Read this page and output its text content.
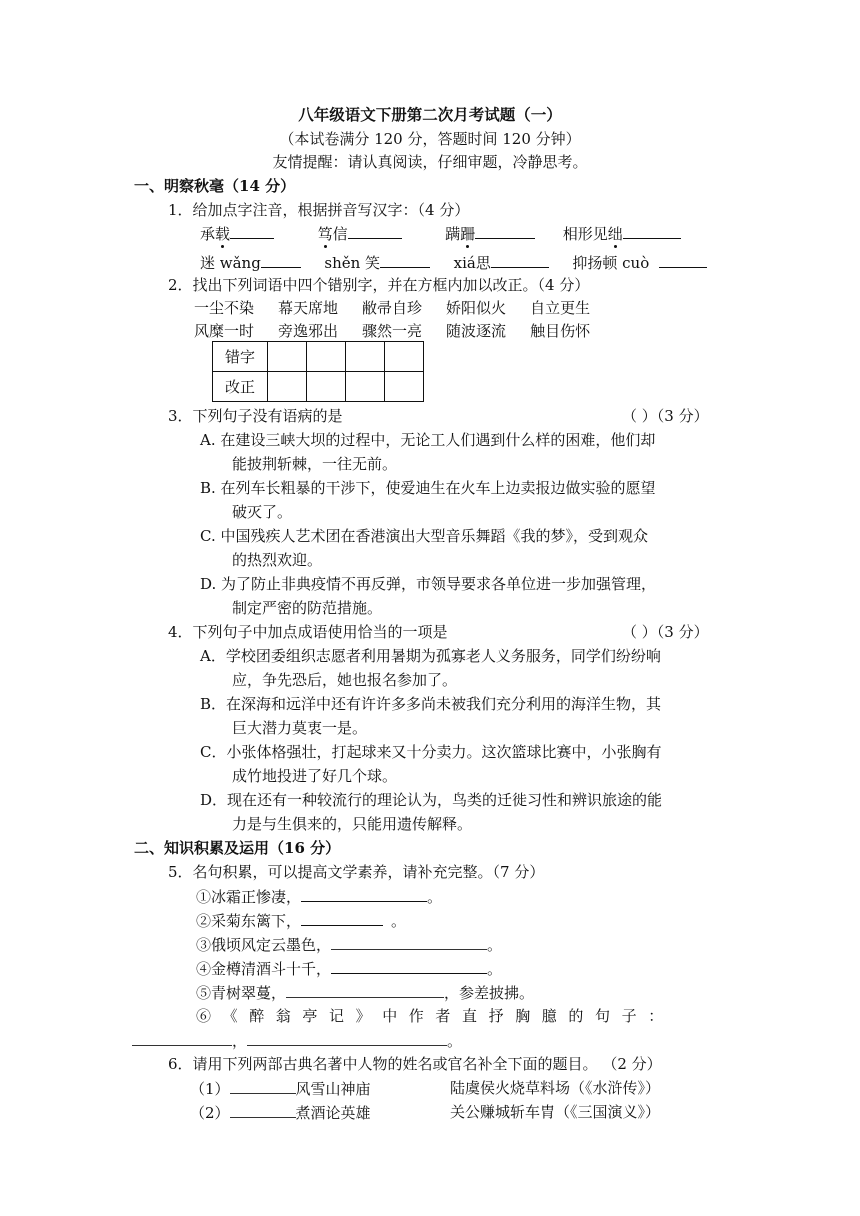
八年级语文下册第二次月考试题（一）
（本试卷满分 120 分，答题时间 120 分钟）
友情提醒：请认真阅读，仔细审题，冷静思考。
一、明察秋毫（14 分）
1．给加点字注音，根据拼音写汉字：（4 分）
承载	笃信	蹒跚	相形见绌
迷 wǎng	shěn 笑	xiá思	抑扬顿 cuò
2．找出下列词语中四个错别字，并在方框内加以改正。（4 分）
一尘不染 幕天席地 敝帚自珍 娇阳似火 自立更生
风糜一时 旁逸邪出 骤然一亮 随波逐流 触目伤怀
错字				
改正				
3．下列句子没有语病的是	（ ）（3 分）
A. 在建设三峡大坝的过程中，无论工人们遇到什么样的困难，他们却
能披荆斩棘，一往无前。
B. 在列车长粗暴的干涉下，使爱迪生在火车上边卖报边做实验的愿望
破灭了。
C. 中国残疾人艺术团在香港演出大型音乐舞蹈《我的梦》，受到观众
的热烈欢迎。
D. 为了防止非典疫情不再反弹，市领导要求各单位进一步加强管理，
制定严密的防范措施。
4．下列句子中加点成语使用恰当的一项是	（ ）（3 分）
A．学校团委组织志愿者利用暑期为孤寡老人义务服务，同学们纷纷响
应，争先恐后，她也报名参加了。
B．在深海和远洋中还有许许多多尚未被我们充分利用的海洋生物，其
巨大潜力莫衷一是。
C．小张体格强壮，打起球来又十分卖力。这次篮球比赛中，小张胸有
成竹地投进了好几个球。
D．现在还有一种较流行的理论认为，鸟类的迁徙习性和辨识旅途的能
力是与生俱来的，只能用遗传解释。
二、知识积累及运用（16 分）
5．名句积累，可以提高文学素养，请补充完整。（7 分）
①冰霜正惨凄，	。
②采菊东篱下，	。
③俄顷风定云墨色，	。
④金樽清酒斗十千，	。
⑤青树翠蔓，	，参差披拂。
⑥《醉翁亭记》中作者直抒胸臆的句子：
，	。
6．请用下列两部古典名著中人物的姓名或官名补全下面的题目。 （2 分）
（1）	风雪山神庙	陆虞侯火烧草料场（《水浒传》）
（2）	煮酒论英雄	关公赚城斩车胄（《三国演义》）
